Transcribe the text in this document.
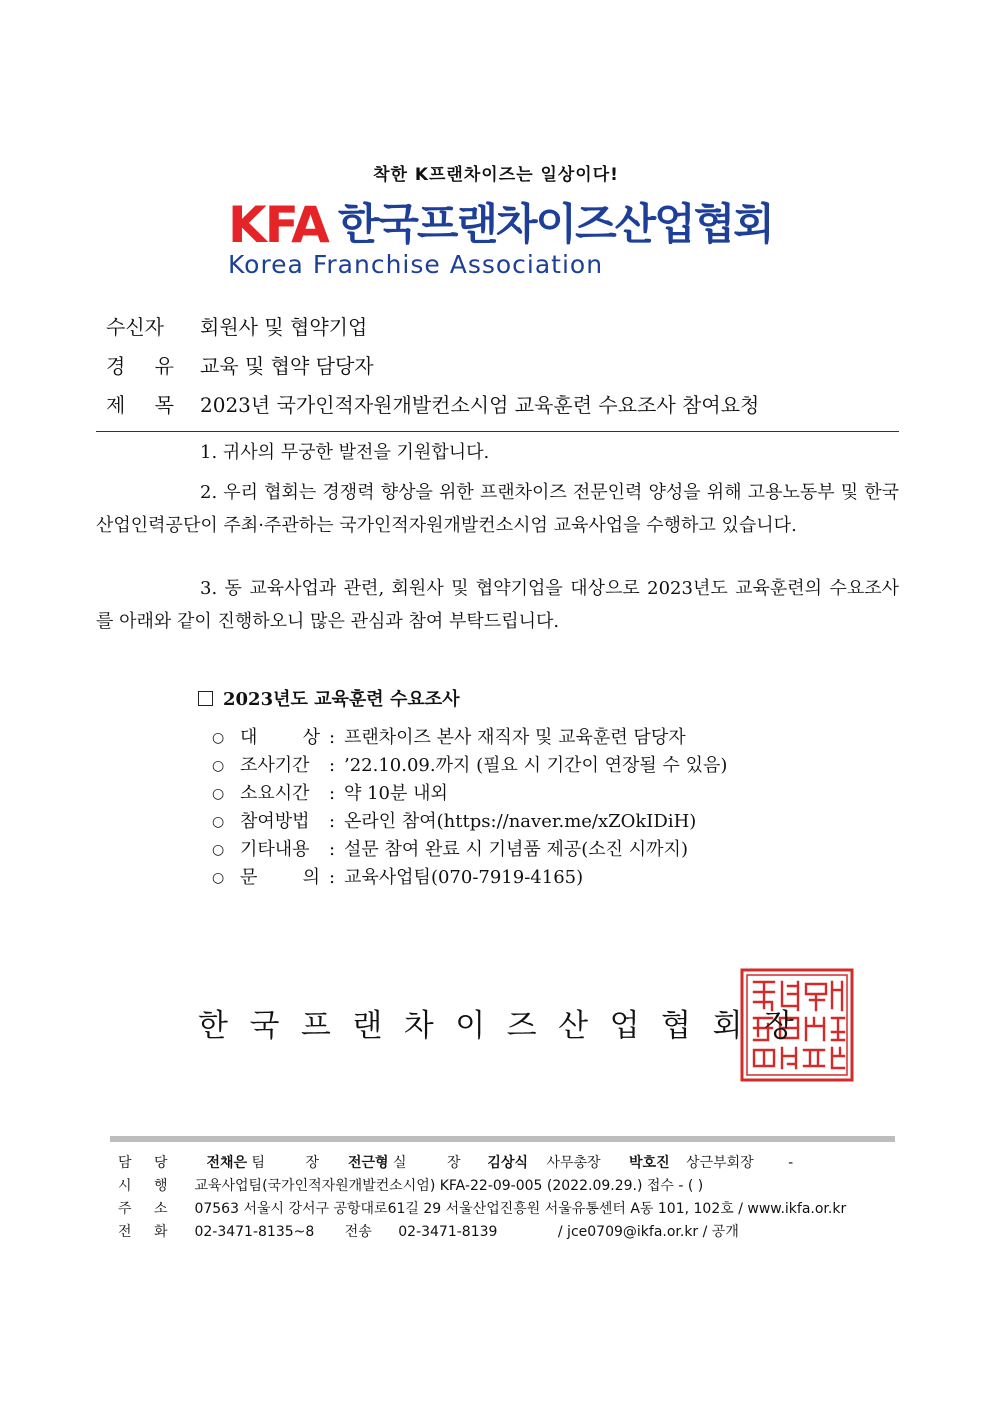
착한 K프랜차이즈는 일상이다!
KFA 한국프랜차이즈산업협회
Korea Franchise Association
수신자	회원사 및 협약기업
경 유 교육 및 협약 담당자
제 목 2023년 국가인적자원개발컨소시엄 교육훈련 수요조사 참여요청
1. 귀사의 무궁한 발전을 기원합니다.
2. 우리 협회는 경쟁력 향상을 위한 프랜차이즈 전문인력 양성을 위해 고용노동부 및 한국산업인력공단이 주최·주관하는 국가인적자원개발컨소시엄 교육사업을 수행하고 있습니다.
3. 동 교육사업과 관련, 회원사 및 협약기업을 대상으로 2023년도 교육훈련의 수요조사를 아래와 같이 진행하오니 많은 관심과 참여 부탁드립니다.
2023년도 교육훈련 수요조사
○ 대	상 : 프랜차이즈 본사 재직자 및 교육훈련 담당자
○ 조사기간	: ’22.10.09.까지 (필요 시 기간이 연장될 수 있음)
○ 소요시간	: 약 10분 내외
○ 참여방법	: 온라인 참여(https://naver.me/xZOkIDiH)
○ 기타내용	: 설문 참여 완료 시 기념품 제공(소진 시까지)
○ 문	의 : 교육사업팀(070-7919-4165)
한국프랜차이즈산업협회장
담 당	전채은 팀 장 전근형 실 장 김상식 사무총장 박호진 상근부회장 -
시 행 교육사업팀(국가인적자원개발컨소시엄) KFA-22-09-005 (2022.09.29.) 접수 - ( )
주 소 07563 서울시 강서구 공항대로61길 29 서울산업진흥원 서울유통센터 A동 101, 102호 / www.ikfa.or.kr
전 화 02-3471-8135~8 전송 02-3471-8139	/ jce0709@ikfa.or.kr / 공개
